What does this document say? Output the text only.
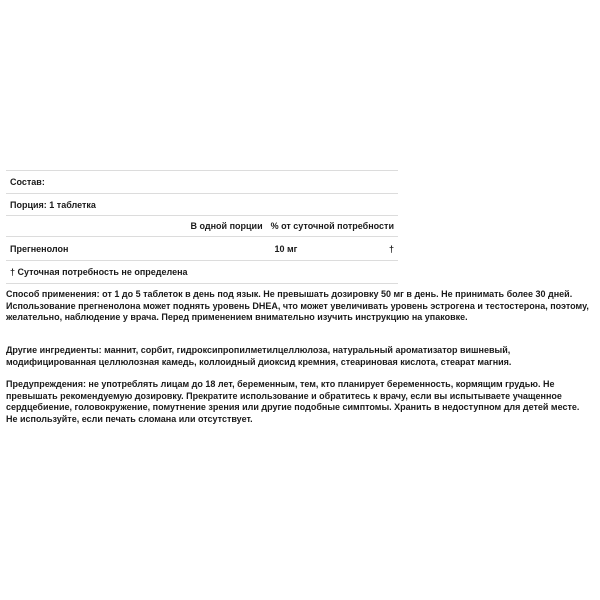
Состав:
Порция: 1 таблетка
В одной порции % от суточной потребности
Прегненолон	10 мг	†
† Суточная потребность не определена

Способ применения: от 1 до 5 таблеток в день под язык. Не превышать дозировку 50 мг в день. Не принимать более 30 дней. Использование прегненолона может поднять уровень DHEA, что может увеличивать уровень эстрогена и тестостерона, поэтому, желательно, наблюдение у врача. Перед применением внимательно изучить инструкцию на упаковке.

Другие ингредиенты: маннит, сорбит, гидроксипропилметилцеллюлоза, натуральный ароматизатор вишневый, модифицированная целлюлозная камедь, коллоидный диоксид кремния, стеариновая кислота, стеарат магния.

Предупреждения: не употреблять лицам до 18 лет, беременным, тем, кто планирует беременность, кормящим грудью. Не превышать рекомендуемую дозировку. Прекратите использование и обратитесь к врачу, если вы испытываете учащенное сердцебиение, головокружение, помутнение зрения или другие подобные симптомы. Хранить в недоступном для детей месте. Не используйте, если печать сломана или отсутствует.
